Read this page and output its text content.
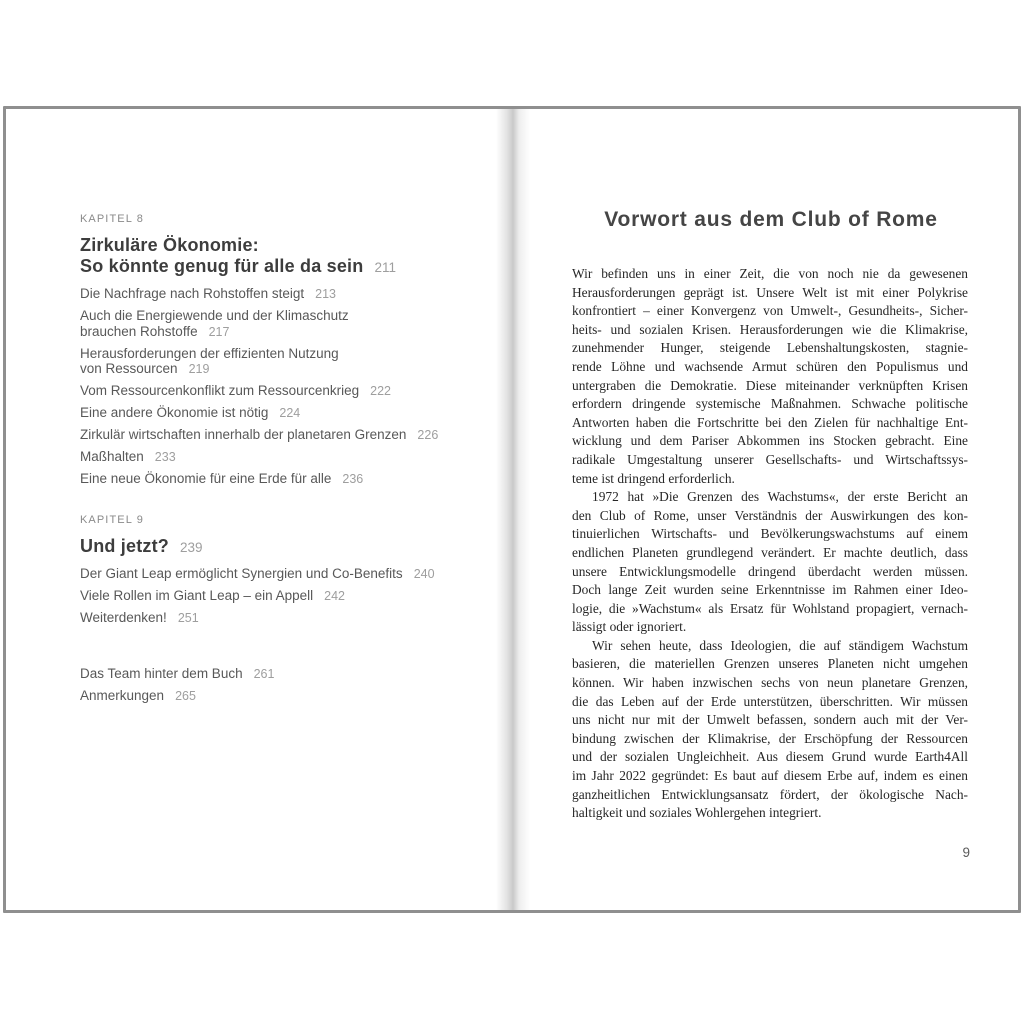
KAPITEL 8
Zirkuläre Ökonomie:
So könnte genug für alle da sein 211
Die Nachfrage nach Rohstoffen steigt 213
Auch die Energiewende und der Klimaschutz
brauchen Rohstoffe 217
Herausforderungen der effizienten Nutzung
von Ressourcen 219
Vom Ressourcenkonflikt zum Ressourcenkrieg 222
Eine andere Ökonomie ist nötig 224
Zirkulär wirtschaften innerhalb der planetaren Grenzen 226
Maßhalten 233
Eine neue Ökonomie für eine Erde für alle 236
KAPITEL 9
Und jetzt? 239
Der Giant Leap ermöglicht Synergien und Co-Benefits 240
Viele Rollen im Giant Leap – ein Appell 242
Weiterdenken! 251
Das Team hinter dem Buch 261
Anmerkungen 265
Vorwort aus dem Club of Rome
Wir befinden uns in einer Zeit, die von noch nie da gewesenen
Herausforderungen geprägt ist. Unsere Welt ist mit einer Polykrise
konfrontiert – einer Konvergenz von Umwelt-, Gesundheits-, Sicher-
heits- und sozialen Krisen. Herausforderungen wie die Klimakrise,
zunehmender Hunger, steigende Lebenshaltungskosten, stagnie-
rende Löhne und wachsende Armut schüren den Populismus und
untergraben die Demokratie. Diese miteinander verknüpften Krisen
erfordern dringende systemische Maßnahmen. Schwache politische
Antworten haben die Fortschritte bei den Zielen für nachhaltige Ent-
wicklung und dem Pariser Abkommen ins Stocken gebracht. Eine
radikale Umgestaltung unserer Gesellschafts- und Wirtschaftssys-
teme ist dringend erforderlich.
1972 hat »Die Grenzen des Wachstums«, der erste Bericht an
den Club of Rome, unser Verständnis der Auswirkungen des kon-
tinuierlichen Wirtschafts- und Bevölkerungswachstums auf einem
endlichen Planeten grundlegend verändert. Er machte deutlich, dass
unsere Entwicklungsmodelle dringend überdacht werden müssen.
Doch lange Zeit wurden seine Erkenntnisse im Rahmen einer Ideo-
logie, die »Wachstum« als Ersatz für Wohlstand propagiert, vernach-
lässigt oder ignoriert.
Wir sehen heute, dass Ideologien, die auf ständigem Wachstum
basieren, die materiellen Grenzen unseres Planeten nicht umgehen
können. Wir haben inzwischen sechs von neun planetare Grenzen,
die das Leben auf der Erde unterstützen, überschritten. Wir müssen
uns nicht nur mit der Umwelt befassen, sondern auch mit der Ver-
bindung zwischen der Klimakrise, der Erschöpfung der Ressourcen
und der sozialen Ungleichheit. Aus diesem Grund wurde Earth4All
im Jahr 2022 gegründet: Es baut auf diesem Erbe auf, indem es einen
ganzheitlichen Entwicklungsansatz fördert, der ökologische Nach-
haltigkeit und soziales Wohlergehen integriert.
9
